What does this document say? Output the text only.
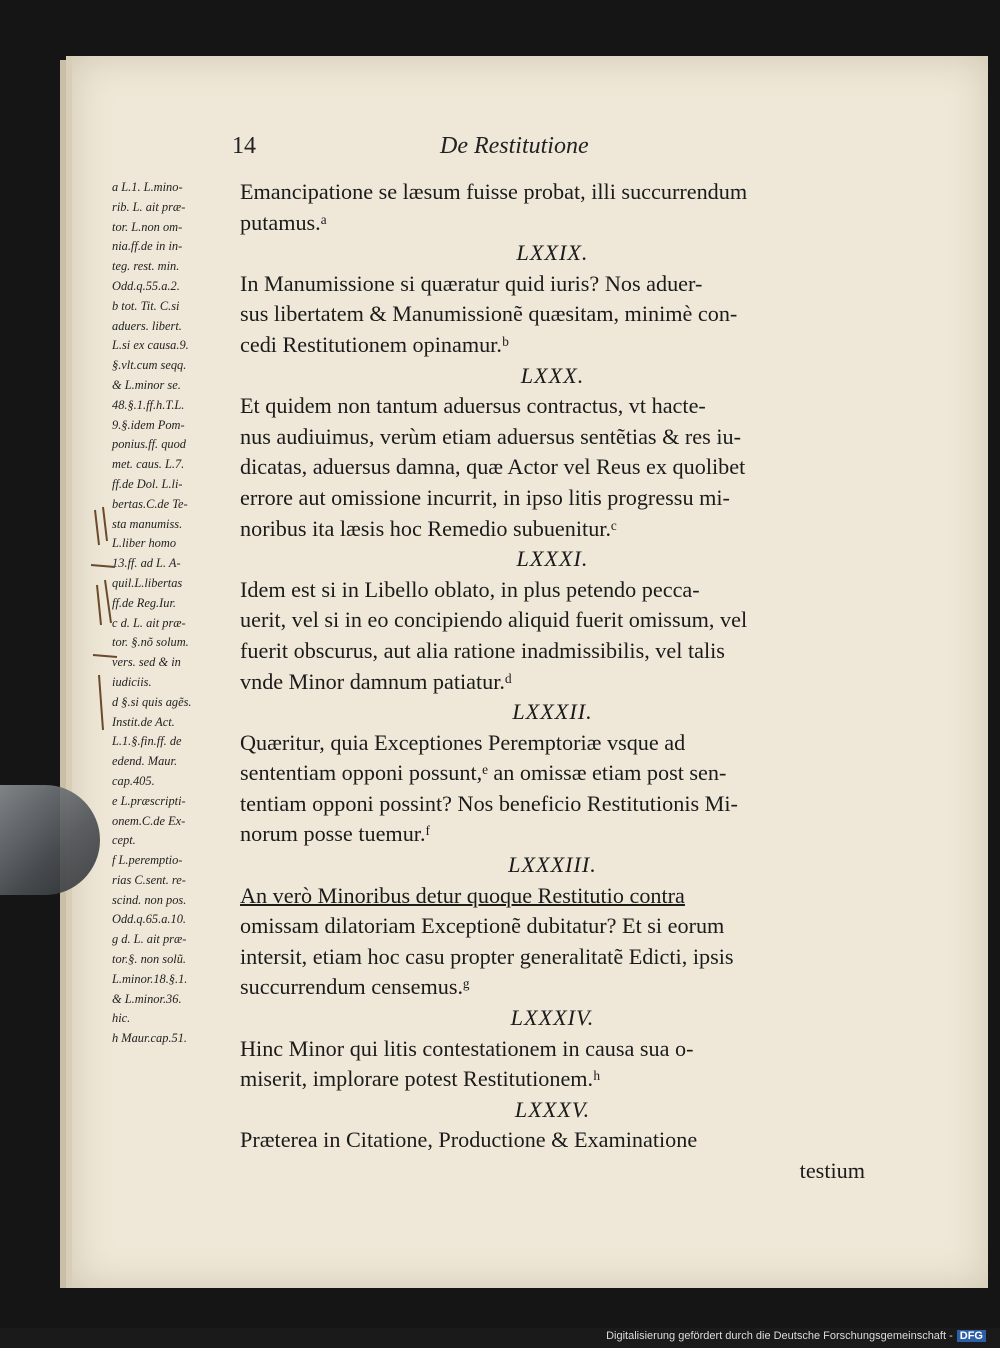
14	De Restitutione
a L.1. L.mino-
rib. L. ait præ-
tor. L.non om-
nia.ff.de in in-
teg. rest. min.
Odd.q.55.a.2.
b tot. Tit. C.si
aduers. libert.
L.si ex causa.9.
§.vlt.cum seqq.
& L.minor se.
48.§.1.ff.h.T.L.
9.§.idem Pom-
ponius.ff. quod
met. caus. L.7.
ff.de Dol. L.li-
bertas.C.de Te-
sta manumiss.
L.liber homo
13.ff. ad L. A-
quil.L.libertas
ff.de Reg.Iur.
c d. L. ait præ-
tor. §.nõ solum.
vers. sed & in
iudiciis.
d §.si quis agẽs.
Instit.de Act.
L.1.§.fin.ff. de
edend. Maur.
cap.405.
e L.præscripti-
onem.C.de Ex-
cept.
f L.peremptio-
rias C.sent. re-
scind. non pos.
Odd.q.65.a.10.
g d. L. ait præ-
tor.§. non solũ.
L.minor.18.§.1.
& L.minor.36.
hic.
h Maur.cap.51.
Emancipatione se læsum fuisse probat, illi succurrendum
putamus.ᵃ
LXXIX.
In Manumissione si quæratur quid iuris? Nos aduer-
sus libertatem & Manumissionẽ quæsitam, minimè con-
cedi Restitutionem opinamur.ᵇ
LXXX.
Et quidem non tantum aduersus contractus, vt hacte-
nus audiuimus, verùm etiam aduersus sentẽtias & res iu-
dicatas, aduersus damna, quæ Actor vel Reus ex quolibet
errore aut omissione incurrit, in ipso litis progressu mi-
noribus ita læsis hoc Remedio subuenitur.ᶜ
LXXXI.
Idem est si in Libello oblato, in plus petendo pecca-
uerit, vel si in eo concipiendo aliquid fuerit omissum, vel
fuerit obscurus, aut alia ratione inadmissibilis, vel talis
vnde Minor damnum patiatur.ᵈ
LXXXII.
Quæritur, quia Exceptiones Peremptoriæ vsque ad
sententiam opponi possunt,ᵉ an omissæ etiam post sen-
tentiam opponi possint? Nos beneficio Restitutionis Mi-
norum posse tuemur.ᶠ
LXXXIII.
An verò Minoribus detur quoque Restitutio contra
omissam dilatoriam Exceptionẽ dubitatur? Et si eorum
intersit, etiam hoc casu propter generalitatẽ Edicti, ipsis
succurrendum censemus.ᵍ
LXXXIV.
Hinc Minor qui litis contestationem in causa sua o-
miserit, implorare potest Restitutionem.ʰ
LXXXV.
Præterea in Citatione, Productione & Examinatione
testium
Digitalisierung gefördert durch die Deutsche Forschungsgemeinschaft - DFG
